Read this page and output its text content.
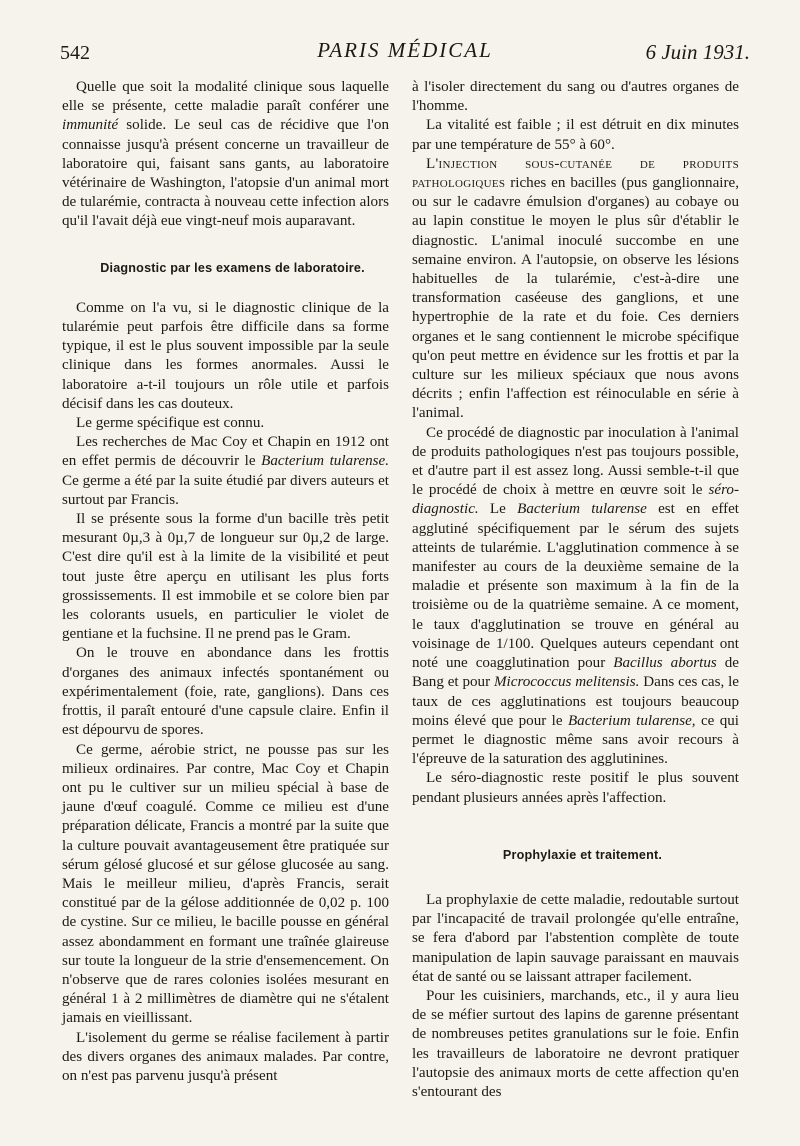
542	PARIS MÉDICAL	6 Juin 1931.

Quelle que soit la modalité clinique sous laquelle elle se présente, cette maladie paraît conférer une immunité solide. Le seul cas de récidive que l'on connaisse jusqu'à présent concerne un travailleur de laboratoire qui, faisant sans gants, au laboratoire vétérinaire de Washington, l'atopsie d'un animal mort de tularémie, contracta à nouveau cette infection alors qu'il l'avait déjà eue vingt-neuf mois auparavant.

Diagnostic par les examens de laboratoire.

Comme on l'a vu, si le diagnostic clinique de la tularémie peut parfois être difficile dans sa forme typique, il est le plus souvent impossible par la seule clinique dans les formes anormales. Aussi le laboratoire a-t-il toujours un rôle utile et parfois décisif dans les cas douteux.

Le germe spécifique est connu.

Les recherches de Mac Coy et Chapin en 1912 ont en effet permis de découvrir le Bacterium tularense. Ce germe a été par la suite étudié par divers auteurs et surtout par Francis.

Il se présente sous la forme d'un bacille très petit mesurant 0µ,3 à 0µ,7 de longueur sur 0µ,2 de large. C'est dire qu'il est à la limite de la visibilité et peut tout juste être aperçu en utilisant les plus forts grossissements. Il est immobile et se colore bien par les colorants usuels, en particulier le violet de gentiane et la fuchsine. Il ne prend pas le Gram.

On le trouve en abondance dans les frottis d'organes des animaux infectés spontanément ou expérimentalement (foie, rate, ganglions). Dans ces frottis, il paraît entouré d'une capsule claire. Enfin il est dépourvu de spores.

Ce germe, aérobie strict, ne pousse pas sur les milieux ordinaires. Par contre, Mac Coy et Chapin ont pu le cultiver sur un milieu spécial à base de jaune d'œuf coagulé. Comme ce milieu est d'une préparation délicate, Francis a montré par la suite que la culture pouvait avantageusement être pratiquée sur sérum gélosé glucosé et sur gélose glucosée au sang. Mais le meilleur milieu, d'après Francis, serait constitué par de la gélose additionnée de 0,02 p. 100 de cystine. Sur ce milieu, le bacille pousse en général assez abondamment en formant une traînée glaireuse sur toute la longueur de la strie d'ensemencement. On n'observe que de rares colonies isolées mesurant en général 1 à 2 millimètres de diamètre qui ne s'étalent jamais en vieillissant.

L'isolement du germe se réalise facilement à partir des divers organes des animaux malades. Par contre, on n'est pas parvenu jusqu'à présent

à l'isoler directement du sang ou d'autres organes de l'homme.

La vitalité est faible ; il est détruit en dix minutes par une température de 55° à 60°.

L'injection sous-cutanée de produits pathologiques riches en bacilles (pus ganglionnaire, ou sur le cadavre émulsion d'organes) au cobaye ou au lapin constitue le moyen le plus sûr d'établir le diagnostic. L'animal inoculé succombe en une semaine environ. A l'autopsie, on observe les lésions habituelles de la tularémie, c'est-à-dire une transformation caséeuse des ganglions, et une hypertrophie de la rate et du foie. Ces derniers organes et le sang contiennent le microbe spécifique qu'on peut mettre en évidence sur les frottis et par la culture sur les milieux spéciaux que nous avons décrits ; enfin l'affection est réinoculable en série à l'animal.

Ce procédé de diagnostic par inoculation à l'animal de produits pathologiques n'est pas toujours possible, et d'autre part il est assez long. Aussi semble-t-il que le procédé de choix à mettre en œuvre soit le séro-diagnostic. Le Bacterium tularense est en effet agglutiné spécifiquement par le sérum des sujets atteints de tularémie. L'agglutination commence à se manifester au cours de la deuxième semaine de la maladie et présente son maximum à la fin de la troisième ou de la quatrième semaine. A ce moment, le taux d'agglutination se trouve en général au voisinage de 1/100. Quelques auteurs cependant ont noté une coagglutination pour Bacillus abortus de Bang et pour Micrococcus melitensis. Dans ces cas, le taux de ces agglutinations est toujours beaucoup moins élevé que pour le Bacterium tularense, ce qui permet le diagnostic même sans avoir recours à l'épreuve de la saturation des agglutinines.

Le séro-diagnostic reste positif le plus souvent pendant plusieurs années après l'affection.

Prophylaxie et traitement.

La prophylaxie de cette maladie, redoutable surtout par l'incapacité de travail prolongée qu'elle entraîne, se fera d'abord par l'abstention complète de toute manipulation de lapin sauvage paraissant en mauvais état de santé ou se laissant attraper facilement.

Pour les cuisiniers, marchands, etc., il y aura lieu de se méfier surtout des lapins de garenne présentant de nombreuses petites granulations sur le foie. Enfin les travailleurs de laboratoire ne devront pratiquer l'autopsie des animaux morts de cette affection qu'en s'entourant des
